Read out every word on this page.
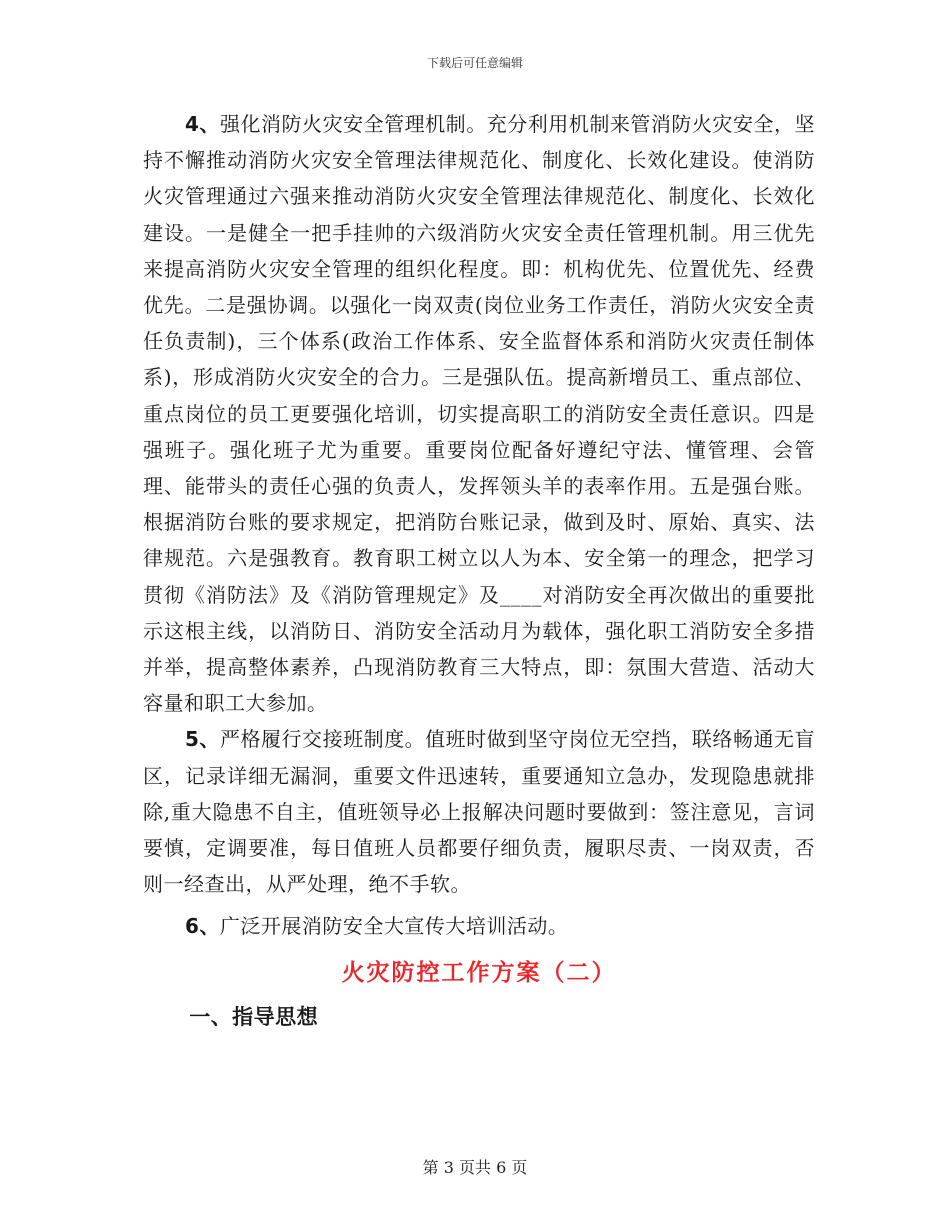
下载后可任意编辑

4、强化消防火灾安全管理机制。充分利用机制来管消防火灾安全，坚持不懈推动消防火灾安全管理法律规范化、制度化、长效化建设。使消防火灾管理通过六强来推动消防火灾安全管理法律规范化、制度化、长效化建设。一是健全一把手挂帅的六级消防火灾安全责任管理机制。用三优先来提高消防火灾安全管理的组织化程度。即：机构优先、位置优先、经费优先。二是强协调。以强化一岗双责(岗位业务工作责任，消防火灾安全责任负责制)，三个体系(政治工作体系、安全监督体系和消防火灾责任制体系)，形成消防火灾安全的合力。三是强队伍。提高新增员工、重点部位、重点岗位的员工更要强化培训，切实提高职工的消防安全责任意识。四是强班子。强化班子尤为重要。重要岗位配备好遵纪守法、懂管理、会管理、能带头的责任心强的负责人，发挥领头羊的表率作用。五是强台账。根据消防台账的要求规定，把消防台账记录，做到及时、原始、真实、法律规范。六是强教育。教育职工树立以人为本、安全第一的理念，把学习贯彻《消防法》及《消防管理规定》及____对消防安全再次做出的重要批示这根主线，以消防日、消防安全活动月为载体，强化职工消防安全多措并举，提高整体素养，凸现消防教育三大特点，即：氛围大营造、活动大容量和职工大参加。

5、严格履行交接班制度。值班时做到坚守岗位无空挡，联络畅通无盲区，记录详细无漏洞，重要文件迅速转，重要通知立急办，发现隐患就排除,重大隐患不自主，值班领导必上报解决问题时要做到：签注意见，言词要慎，定调要准，每日值班人员都要仔细负责，履职尽责、一岗双责，否则一经查出，从严处理，绝不手软。

6、广泛开展消防安全大宣传大培训活动。

火灾防控工作方案（二）
一、指导思想
第 3 页共 6 页
